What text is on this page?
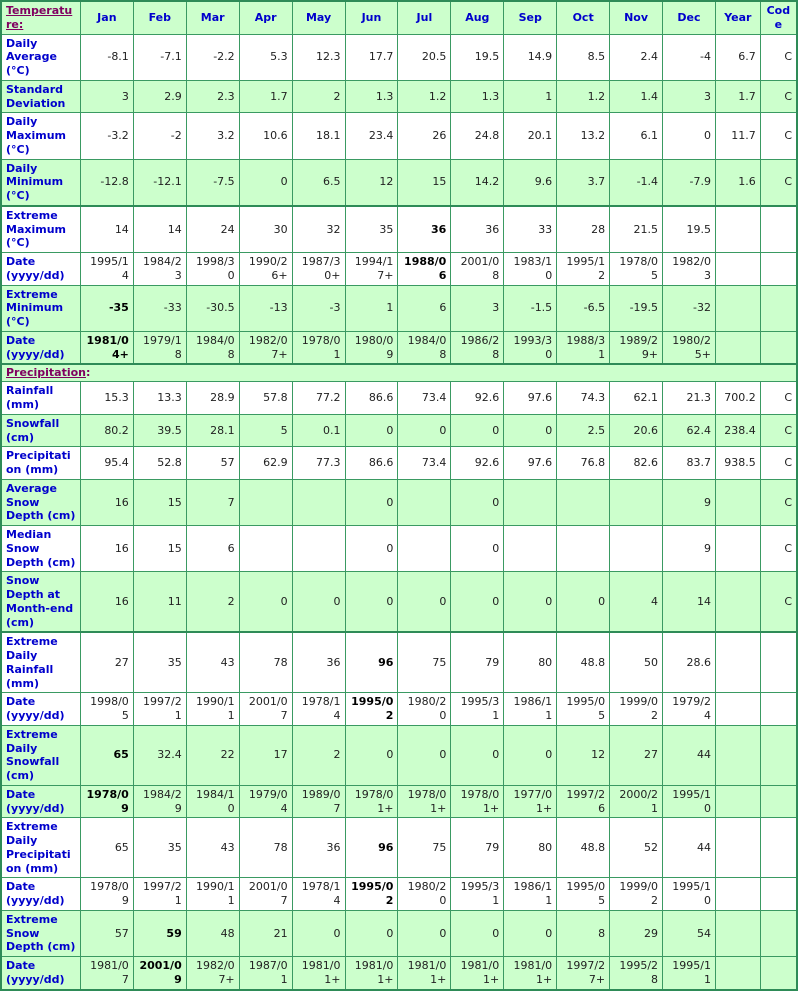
Temperature:	Jan	Feb	Mar	Apr	May	Jun	Jul	Aug	Sep	Oct	Nov	Dec	Year	Code
Daily Average (°C)	-8.1	-7.1	-2.2	5.3	12.3	17.7	20.5	19.5	14.9	8.5	2.4	-4	6.7	C
Standard Deviation	3	2.9	2.3	1.7	2	1.3	1.2	1.3	1	1.2	1.4	3	1.7	C
Daily Maximum (°C)	-3.2	-2	3.2	10.6	18.1	23.4	26	24.8	20.1	13.2	6.1	0	11.7	C
Daily Minimum (°C)	-12.8	-12.1	-7.5	0	6.5	12	15	14.2	9.6	3.7	-1.4	-7.9	1.6	C
Extreme Maximum (°C)	14	14	24	30	32	35	36	36	33	28	21.5	19.5		
Date (yyyy/dd)	1995/14	1984/23	1998/30	1990/26+	1987/30+	1994/17+	1988/06	2001/08	1983/10	1995/12	1978/05	1982/03		
Extreme Minimum (°C)	-35	-33	-30.5	-13	-3	1	6	3	-1.5	-6.5	-19.5	-32		
Date (yyyy/dd)	1981/04+	1979/18	1984/08	1982/07+	1978/01	1980/09	1984/08	1986/28	1993/30	1988/31	1989/29+	1980/25+		
Precipitation:														
Rainfall (mm)	15.3	13.3	28.9	57.8	77.2	86.6	73.4	92.6	97.6	74.3	62.1	21.3	700.2	C
Snowfall (cm)	80.2	39.5	28.1	5	0.1	0	0	0	0	2.5	20.6	62.4	238.4	C
Precipitation (mm)	95.4	52.8	57	62.9	77.3	86.6	73.4	92.6	97.6	76.8	82.6	83.7	938.5	C
Average Snow Depth (cm)	16	15	7			0		0				9		C
Median Snow Depth (cm)	16	15	6			0		0				9		C
Snow Depth at Month-end (cm)	16	11	2	0	0	0	0	0	0	0	4	14		C
Extreme Daily Rainfall (mm)	27	35	43	78	36	96	75	79	80	48.8	50	28.6		
Date (yyyy/dd)	1998/05	1997/21	1990/11	2001/07	1978/14	1995/02	1980/20	1995/31	1986/11	1995/05	1999/02	1979/24		
Extreme Daily Snowfall (cm)	65	32.4	22	17	2	0	0	0	0	12	27	44		
Date (yyyy/dd)	1978/09	1984/29	1984/10	1979/04	1989/07	1978/01+	1978/01+	1978/01+	1977/01+	1997/26	2000/21	1995/10		
Extreme Daily Precipitation (mm)	65	35	43	78	36	96	75	79	80	48.8	52	44		
Date (yyyy/dd)	1978/09	1997/21	1990/11	2001/07	1978/14	1995/02	1980/20	1995/31	1986/11	1995/05	1999/02	1995/10		
Extreme Snow Depth (cm)	57	59	48	21	0	0	0	0	0	8	29	54		
Date (yyyy/dd)	1981/07	2001/09	1982/07+	1987/01	1981/01+	1981/01+	1981/01+	1981/01+	1981/01+	1997/27+	1995/28	1995/11		
